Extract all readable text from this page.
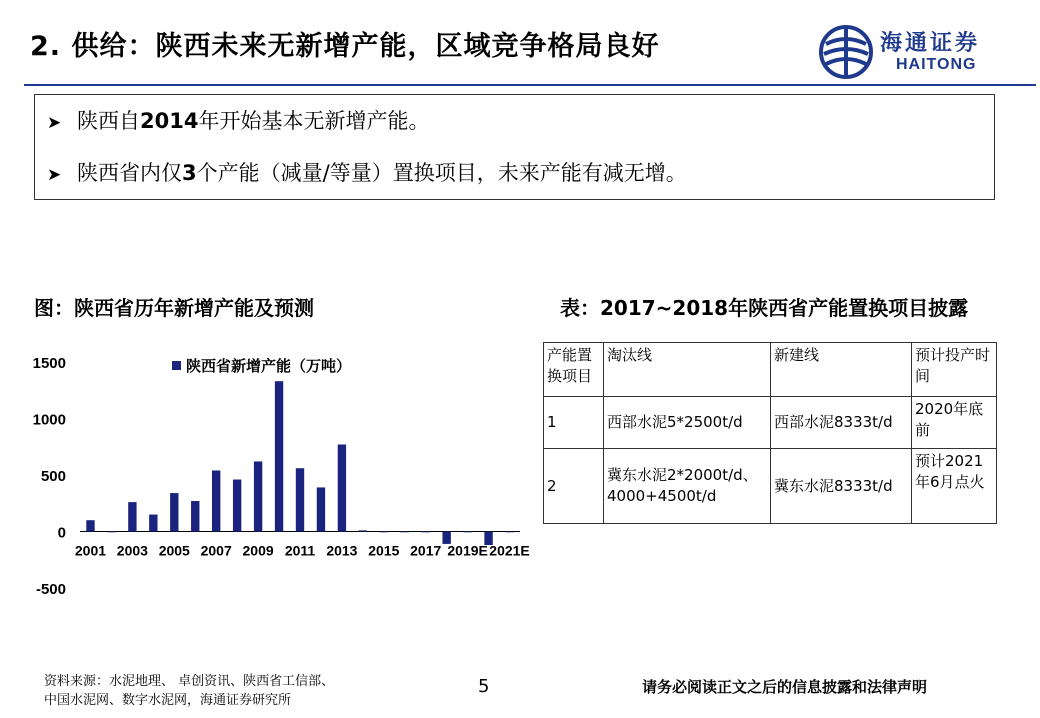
2. 供给：陕西未来无新增产能，区域竞争格局良好	海通证券
HAITONG
➤ 陕西自2014年开始基本无新增产能。
➤ 陕西省内仅3个产能（减量/等量）置换项目，未来产能有减无增。
图：陕西省历年新增产能及预测	表：2017~2018年陕西省产能置换项目披露
陕西省新增产能（万吨）
1500
1000
500
0
-500
2001 2003 2005 2007 2009 2011 2013 2015 2017 2019E 2021E
产能置换项目	淘汰线	新建线	预计投产时间
1	西部水泥5*2500t/d	西部水泥8333t/d	2020年底前
2	冀东水泥2*2000t/d、4000+4500t/d	冀东水泥8333t/d	预计2021年6月点火
资料来源：水泥地理、 卓创资讯、陕西省工信部、
中国水泥网、数字水泥网，海通证券研究所
5	请务必阅读正文之后的信息披露和法律声明
